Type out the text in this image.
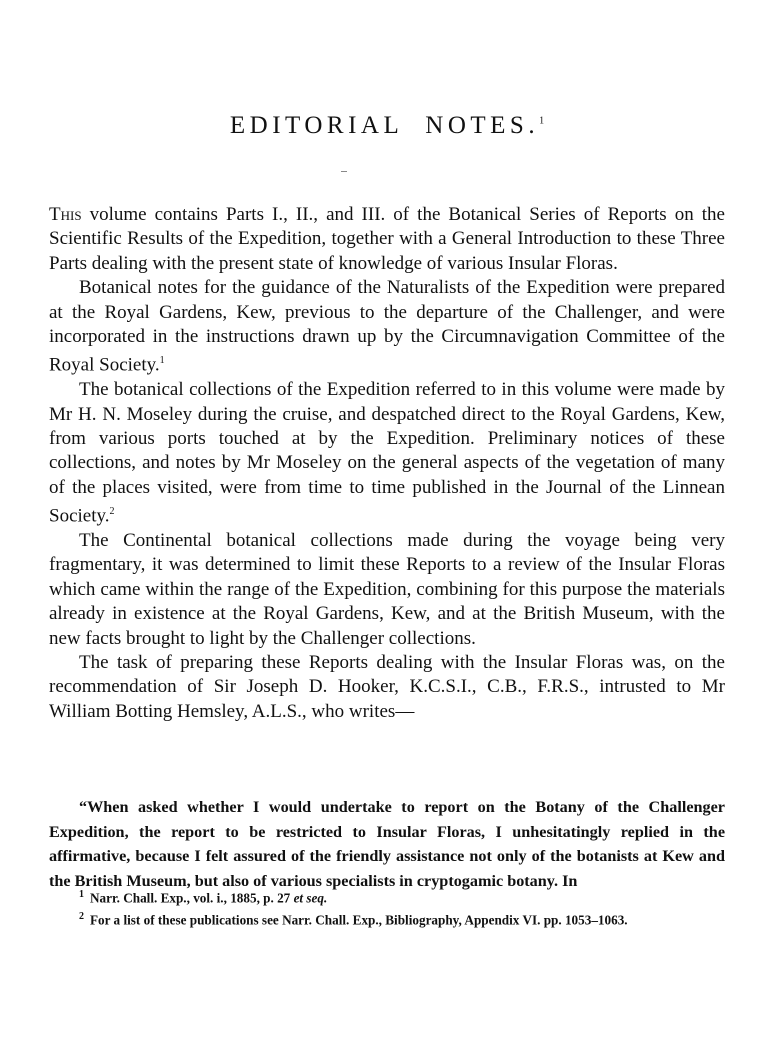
EDITORIAL NOTES.$^1$

This volume contains Parts I., II., and III. of the Botanical Series of Reports on the Scientific Results of the Expedition, together with a General Introduction to these Three Parts dealing with the present state of knowledge of various Insular Floras.

Botanical notes for the guidance of the Naturalists of the Expedition were prepared at the Royal Gardens, Kew, previous to the departure of the Challenger, and were incorporated in the instructions drawn up by the Circumnavigation Committee of the Royal Society.$^1$

The botanical collections of the Expedition referred to in this volume were made by Mr H. N. Moseley during the cruise, and despatched direct to the Royal Gardens, Kew, from various ports touched at by the Expedition. Preliminary notices of these collections, and notes by Mr Moseley on the general aspects of the vegetation of many of the places visited, were from time to time published in the Journal of the Linnean Society.$^2$

The Continental botanical collections made during the voyage being very fragmentary, it was determined to limit these Reports to a review of the Insular Floras which came within the range of the Expedition, combining for this purpose the materials already in existence at the Royal Gardens, Kew, and at the British Museum, with the new facts brought to light by the Challenger collections.

The task of preparing these Reports dealing with the Insular Floras was, on the recommendation of Sir Joseph D. Hooker, K.C.S.I., C.B., F.R.S., intrusted to Mr William Botting Hemsley, A.L.S., who writes—

“When asked whether I would undertake to report on the Botany of the Challenger Expedition, the report to be restricted to Insular Floras, I unhesitatingly replied in the affirmative, because I felt assured of the friendly assistance not only of the botanists at Kew and the British Museum, but also of various specialists in cryptogamic botany. In

$^1$ Narr. Chall. Exp., vol. i., 1885, p. 27 et seq.

$^2$ For a list of these publications see Narr. Chall. Exp., Bibliography, Appendix VI. pp. 1053–1063.
